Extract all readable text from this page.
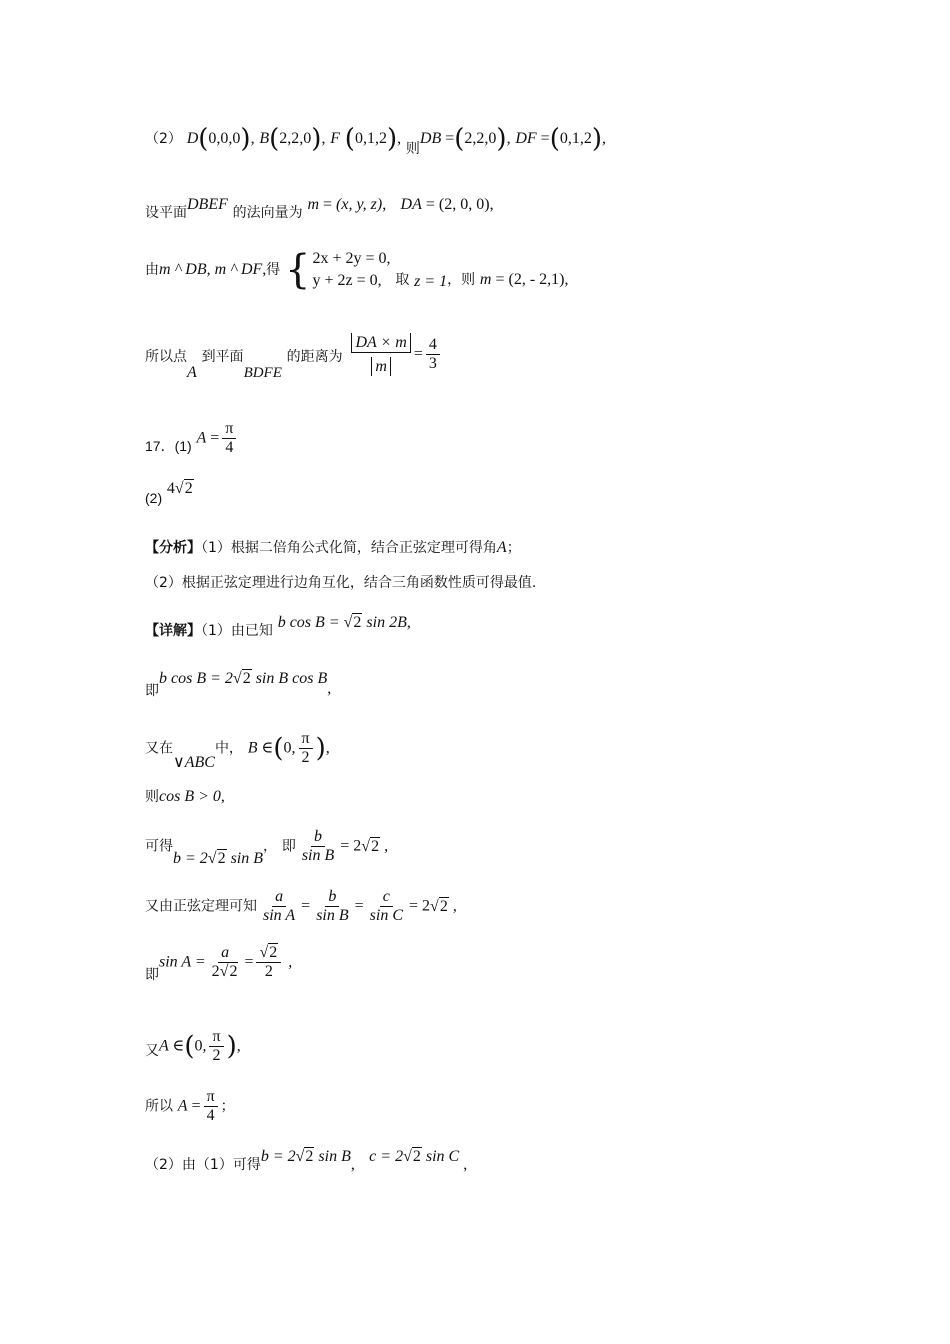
（2） D(0,0,0), B(2,2,0), F (0,1,2), 则DB =(2,2,0), DF =(0,1,2),
设平面DBEF 的法向量为 m = (x, y, z), DA = (2, 0, 0),
由m ^ DB, m ^ DF,得 { 2x + 2y = 0,
y + 2z = 0, 取 z = 1，则 m = (2, - 2,1),
所以点A 到平面BDFE 的距离为 $\frac{DA \times m}{m} = \frac{4}{3}$
17．(1) $A = \frac{\pi}{4}$
(2) 4√2
【分析】（1）根据二倍角公式化简，结合正弦定理可得角A；
（2）根据正弦定理进行边角互化，结合三角函数性质可得最值.
【详解】（1）由已知 b cos B = √2 sin 2B,
即b cos B = 2√2 sin B cos B,
又在∨ABC中， B ∈(0, $\frac{\pi}{2}$ ),
则cos B > 0,
可得b = 2√2 sin B， 即 $\frac{b}{\text{sin B}} = 2√2$ ,
又由正弦定理可知 $\frac{a}{\text{sin A}} = \frac{b}{\text{sin B}} = \frac{c}{\text{sin C}} = 2√2$ ,
即$\sin A = \frac{a}{2√2} = \frac{√2}{2}$ ,
又A ∈(0, $\frac{\pi}{2}$ ),
所以 $A = \frac{\pi}{4}$ ；
（2）由（1）可得b = 2√2 sin B, c = 2√2 sin C ,
